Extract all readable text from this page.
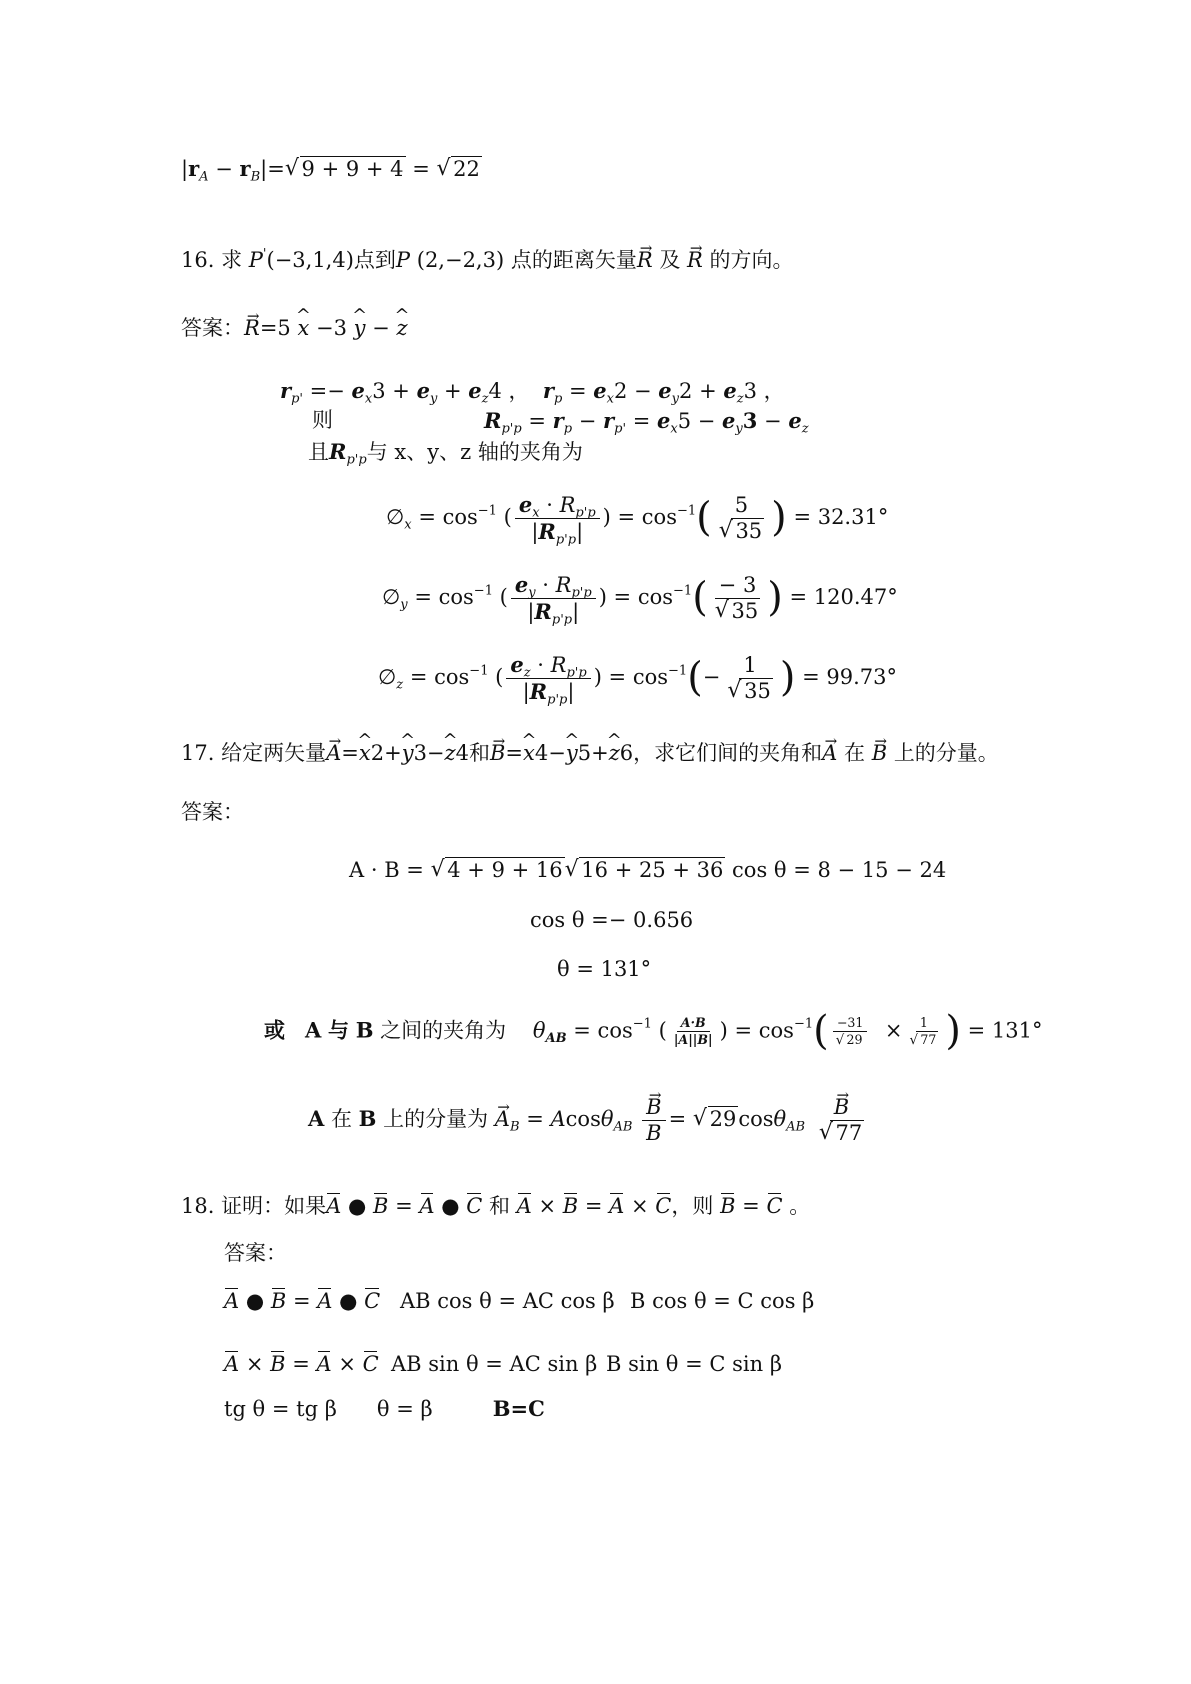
$|r_A - r_B|=√$ 9 + 9 + 4 = √ 22
16. 求 P'(−3,1,4)点到P (2,−2,3) 点的距离矢量→ R 及 → R 的方向。
答案：→ R=5 ^ x −3 ^ y − ^ z
$r_{p'} =- e_x3 + e_y + e_z4$ ，  $r_p = e_x2 - e_y2 + e_z3$ ，
则	$R_{p'p} = r_p - r_{p'} = e_x5 - e_y3 - e_z$
且$R_{p'p}$与 x、y、z 轴的夹角为
$\emptyset_x = \cos^{-1}$ ( $\frac{e_x \cdot R_{p'p}}{|R_{p'p}|}$ ) = $\cos^{-1}$( 5
√ 35 ) = 32.31°
$\emptyset_y = \cos^{-1}$ ( $\frac{e_y \cdot R_{p'p}}{|R_{p'p}|}$ ) = $\cos^{-1}( - 3$
√ 35 ) = 120.47°
$\emptyset_z = \cos^{-1}$ ( $\frac{e_z \cdot R_{p'p}}{|R_{p'p}|}$ ) = $\cos^{-1}(- 1$
√ 35 ) = 99.73°
17. 给定两矢量→ A=^ x2+^ y3−^ z4和→ B=^ x4−^ y5+^ z6，求它们间的夹角和→ A 在 → B 上的分量。
答案：
A · B = √ 4 + 9 + 16√ 16 + 25 + 36 cos θ = 8 − 15 − 24
cos θ =− 0.656
θ = 131°
或 A 与 B 之间的夹角为 $\theta_{AB} = \cos^{-1}$ ( $\frac{A\cdot B}{|A||B|}$ ) = $\cos^{-1}( -31$
√ 29 × 1
√ 77 ) = 131°
A 在 B 上的分量为 → $A_B = Acos\theta_{AB}$
→ $\frac{B}{B}$ = √ 29cosθ$_{AB}$
→ B
√ 77
18. 证明：如果A ● B = A ● C 和 A × B = A × C，则 B = C 。
答案：
A ● B = A ● C AB cos θ = AC cos β B cos θ = C cos β
A × B = A × C AB sin θ = AC sin β B sin θ = C sin β
tg θ = tg β θ = β	B=C
